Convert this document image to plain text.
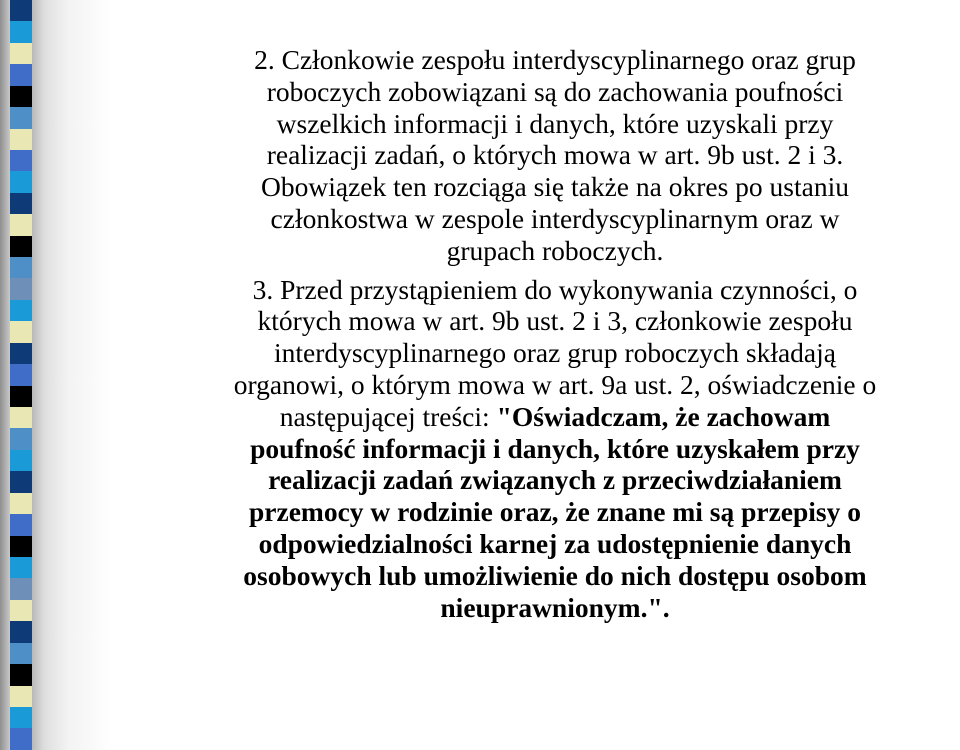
2. Członkowie zespołu interdyscyplinarnego oraz grup
roboczych zobowiązani są do zachowania poufności
wszelkich informacji i danych, które uzyskali przy
realizacji zadań, o których mowa w art. 9b ust. 2 i 3.
Obowiązek ten rozciąga się także na okres po ustaniu
członkostwa w zespole interdyscyplinarnym oraz w
grupach roboczych.

3. Przed przystąpieniem do wykonywania czynności, o
których mowa w art. 9b ust. 2 i 3, członkowie zespołu
interdyscyplinarnego oraz grup roboczych składają
organowi, o którym mowa w art. 9a ust. 2, oświadczenie o
następującej treści: "Oświadczam, że zachowam
poufność informacji i danych, które uzyskałem przy
realizacji zadań związanych z przeciwdziałaniem
przemocy w rodzinie oraz, że znane mi są przepisy o
odpowiedzialności karnej za udostępnienie danych
osobowych lub umożliwienie do nich dostępu osobom
nieuprawnionym.".
